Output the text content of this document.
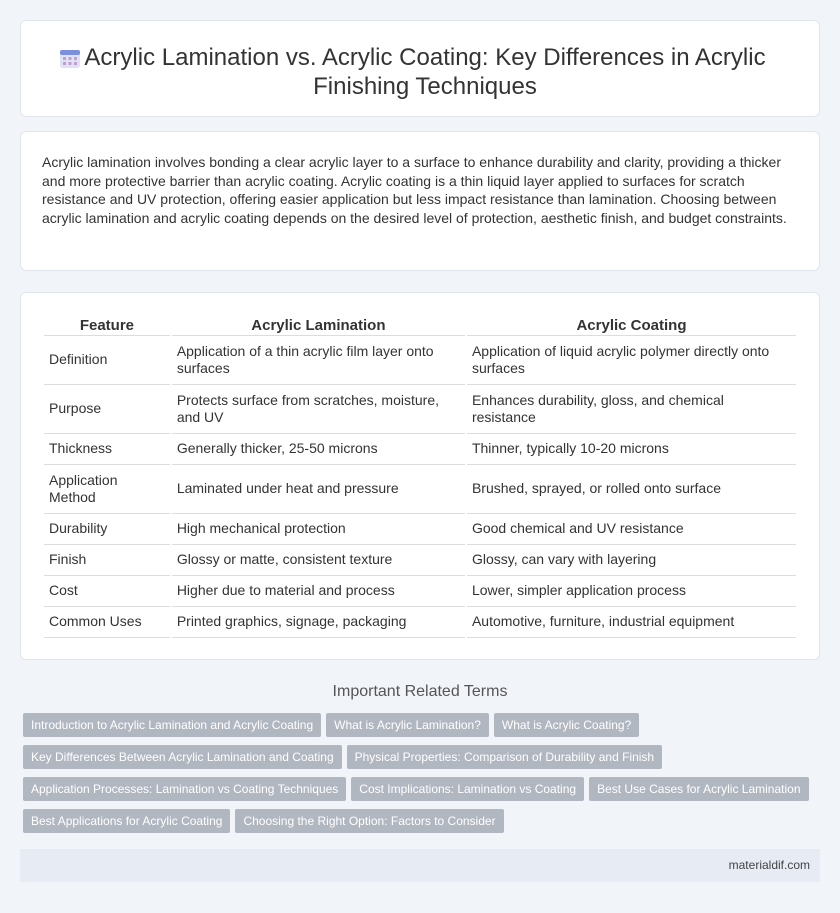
Acrylic Lamination vs. Acrylic Coating: Key Differences in Acrylic Finishing Techniques

Acrylic lamination involves bonding a clear acrylic layer to a surface to enhance durability and clarity, providing a thicker and more protective barrier than acrylic coating. Acrylic coating is a thin liquid layer applied to surfaces for scratch resistance and UV protection, offering easier application but less impact resistance than lamination. Choosing between acrylic lamination and acrylic coating depends on the desired level of protection, aesthetic finish, and budget constraints.

Feature	Acrylic Lamination	Acrylic Coating
Definition	Application of a thin acrylic film layer onto surfaces	Application of liquid acrylic polymer directly onto surfaces
Purpose	Protects surface from scratches, moisture, and UV	Enhances durability, gloss, and chemical resistance
Thickness	Generally thicker, 25-50 microns	Thinner, typically 10-20 microns
Application Method	Laminated under heat and pressure	Brushed, sprayed, or rolled onto surface
Durability	High mechanical protection	Good chemical and UV resistance
Finish	Glossy or matte, consistent texture	Glossy, can vary with layering
Cost	Higher due to material and process	Lower, simpler application process
Common Uses	Printed graphics, signage, packaging	Automotive, furniture, industrial equipment
Important Related Terms
Introduction to Acrylic Lamination and Acrylic Coating What is Acrylic Lamination? What is Acrylic Coating?
Key Differences Between Acrylic Lamination and Coating Physical Properties: Comparison of Durability and Finish
Application Processes: Lamination vs Coating Techniques Cost Implications: Lamination vs Coating Best Use Cases for Acrylic Lamination
Best Applications for Acrylic Coating Choosing the Right Option: Factors to Consider
materialdif.com
